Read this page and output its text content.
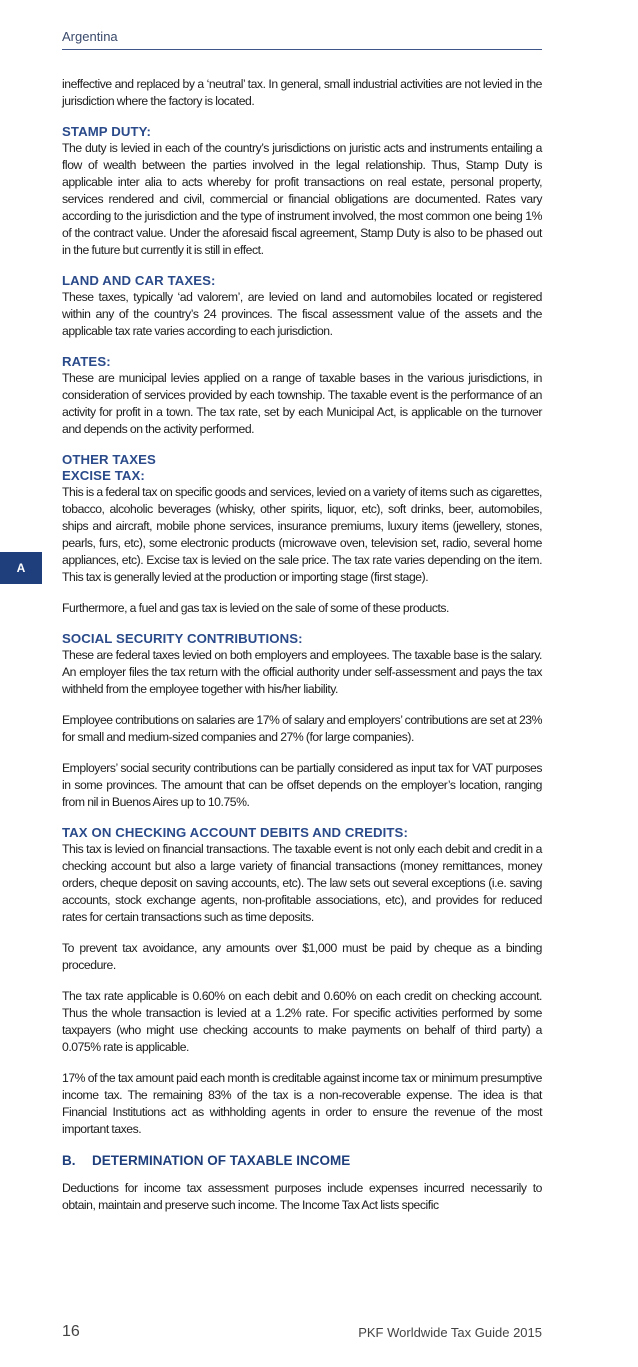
Argentina
A

ineffective and replaced by a ‘neutral’ tax. In general, small industrial activities are not levied in the jurisdiction where the factory is located.

STAMP DUTY:

The duty is levied in each of the country’s jurisdictions on juristic acts and instruments entailing a flow of wealth between the parties involved in the legal relationship. Thus, Stamp Duty is applicable inter alia to acts whereby for profit transactions on real estate, personal property, services rendered and civil, commercial or financial obligations are documented. Rates vary according to the jurisdiction and the type of instrument involved, the most common one being 1% of the contract value. Under the aforesaid fiscal agreement, Stamp Duty is also to be phased out in the future but currently it is still in effect.

LAND AND CAR TAXES:

These taxes, typically ‘ad valorem’, are levied on land and automobiles located or registered within any of the country’s 24 provinces. The fiscal assessment value of the assets and the applicable tax rate varies according to each jurisdiction.

RATES:

These are municipal levies applied on a range of taxable bases in the various jurisdictions, in consideration of services provided by each township. The taxable event is the performance of an activity for profit in a town. The tax rate, set by each Municipal Act, is applicable on the turnover and depends on the activity performed.

OTHER TAXES
EXCISE TAX:

This is a federal tax on specific goods and services, levied on a variety of items such as cigarettes, tobacco, alcoholic beverages (whisky, other spirits, liquor, etc), soft drinks, beer, automobiles, ships and aircraft, mobile phone services, insurance premiums, luxury items (jewellery, stones, pearls, furs, etc), some electronic products (microwave oven, television set, radio, several home appliances, etc). Excise tax is levied on the sale price. The tax rate varies depending on the item. This tax is generally levied at the production or importing stage (first stage).

Furthermore, a fuel and gas tax is levied on the sale of some of these products.

SOCIAL SECURITY CONTRIBUTIONS:

These are federal taxes levied on both employers and employees. The taxable base is the salary. An employer files the tax return with the official authority under self-assessment and pays the tax withheld from the employee together with his/her liability.

Employee contributions on salaries are 17% of salary and employers’ contributions are set at 23% for small and medium-sized companies and 27% (for large companies).

Employers’ social security contributions can be partially considered as input tax for VAT purposes in some provinces. The amount that can be offset depends on the employer’s location, ranging from nil in Buenos Aires up to 10.75%.

TAX ON CHECKING ACCOUNT DEBITS AND CREDITS:

This tax is levied on financial transactions. The taxable event is not only each debit and credit in a checking account but also a large variety of financial transactions (money remittances, money orders, cheque deposit on saving accounts, etc). The law sets out several exceptions (i.e. saving accounts, stock exchange agents, non-profitable associations, etc), and provides for reduced rates for certain transactions such as time deposits.

To prevent tax avoidance, any amounts over $1,000 must be paid by cheque as a binding procedure.

The tax rate applicable is 0.60% on each debit and 0.60% on each credit on checking account. Thus the whole transaction is levied at a 1.2% rate. For specific activities performed by some taxpayers (who might use checking accounts to make payments on behalf of third party) a 0.075% rate is applicable.

17% of the tax amount paid each month is creditable against income tax or minimum presumptive income tax. The remaining 83% of the tax is a non-recoverable expense. The idea is that Financial Institutions act as withholding agents in order to ensure the revenue of the most important taxes.

B.	DETERMINATION OF TAXABLE INCOME

Deductions for income tax assessment purposes include expenses incurred necessarily to obtain, maintain and preserve such income. The Income Tax Act lists specific

16	PKF Worldwide Tax Guide 2015
